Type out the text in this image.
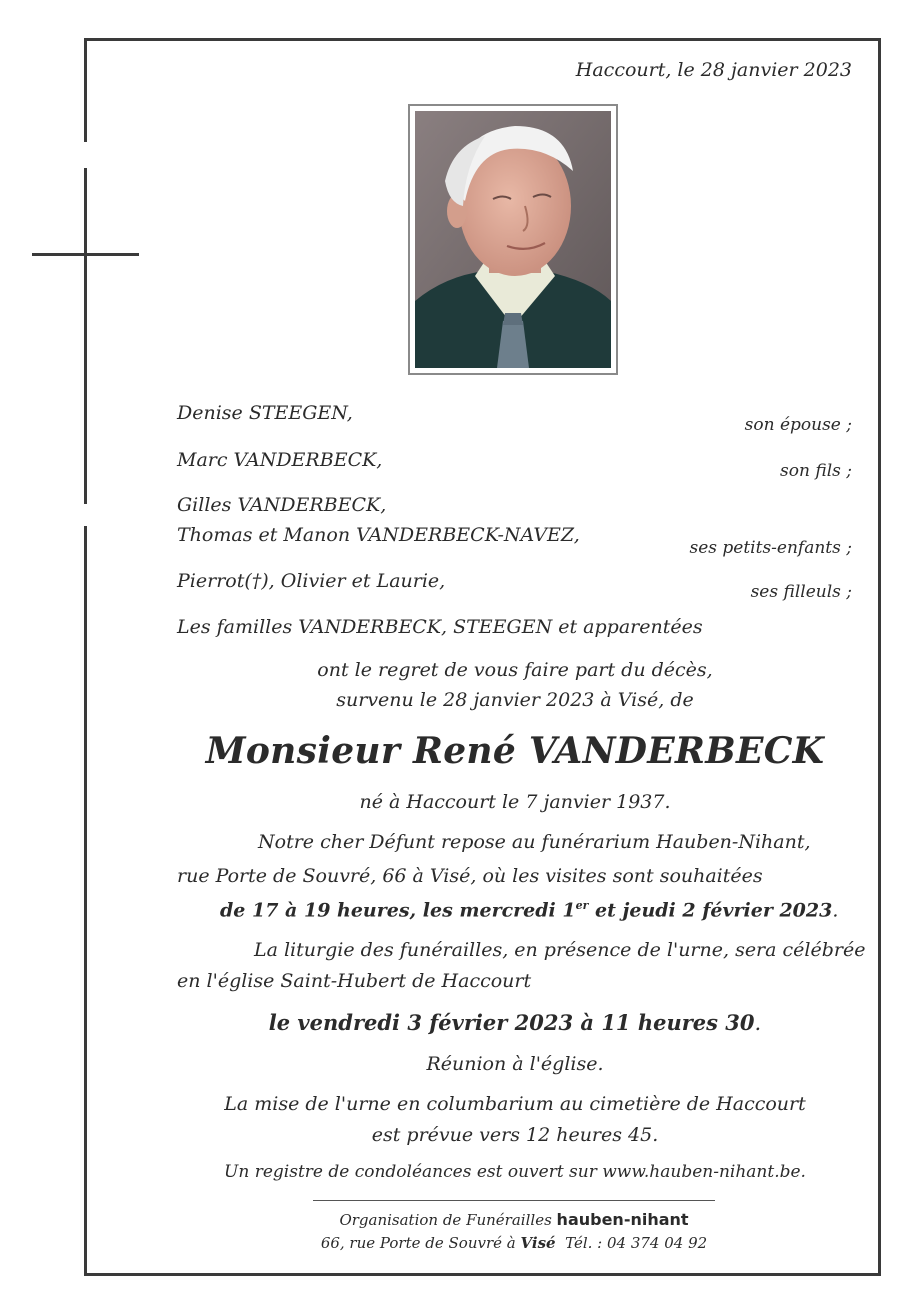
Haccourt, le 28 janvier 2023
Denise STEEGEN,
son épouse ;
Marc VANDERBECK,	son fils ;
Gilles VANDERBECK,
Thomas et Manon VANDERBECK-NAVEZ,
ses petits-enfants ;
Pierrot(†), Olivier et Laurie,	ses filleuls ;
Les familles VANDERBECK, STEEGEN et apparentées
ont le regret de vous faire part du décès,
survenu le 28 janvier 2023 à Visé, de
Monsieur René VANDERBECK
né à Haccourt le 7 janvier 1937.
Notre cher Défunt repose au funérarium Hauben-Nihant,
rue Porte de Souvré, 66 à Visé, où les visites sont souhaitées
de 17 à 19 heures, les mercredi 1er et jeudi 2 février 2023.
La liturgie des funérailles, en présence de l'urne, sera célébrée
en l'église Saint-Hubert de Haccourt
le vendredi 3 février 2023 à 11 heures 30.
Réunion à l'église.
La mise de l'urne en columbarium au cimetière de Haccourt
est prévue vers 12 heures 45.
Un registre de condoléances est ouvert sur www.hauben-nihant.be.
Organisation de Funérailles hauben-nihant
66, rue Porte de Souvré à Visé  Tél. : 04 374 04 92
